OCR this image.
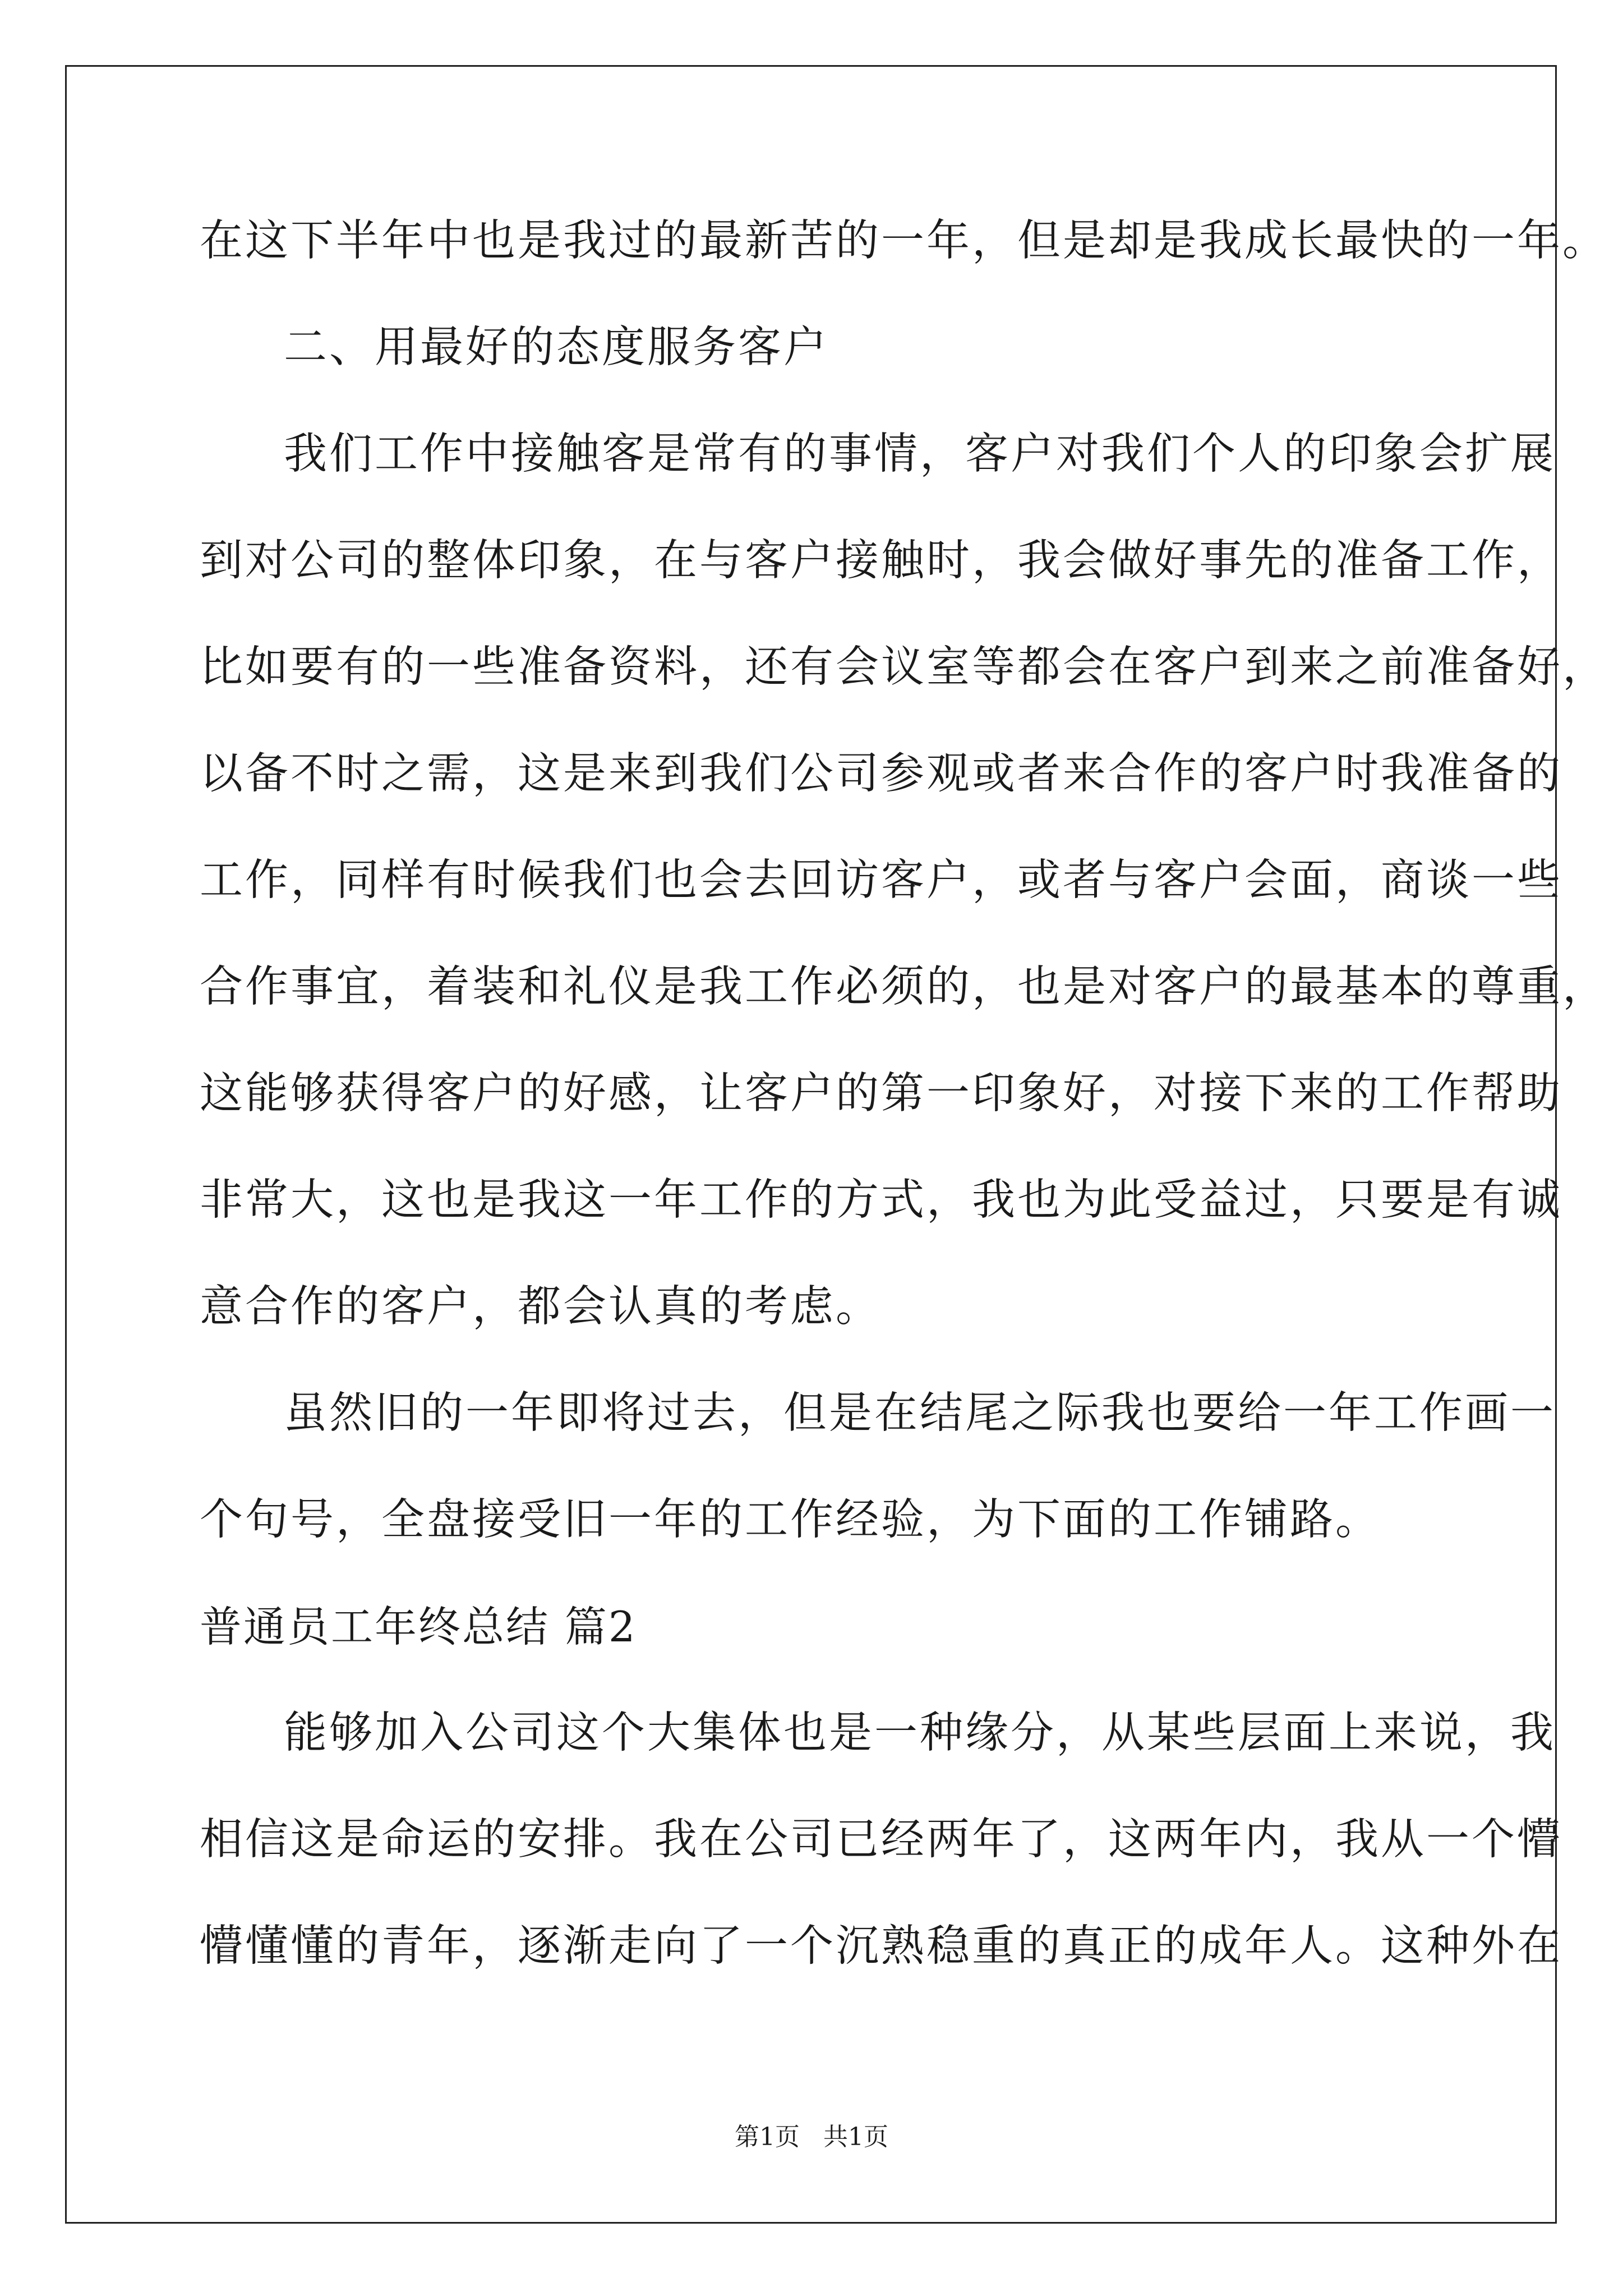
在这下半年中也是我过的最新苦的一年，但是却是我成长最快的一年。
二、用最好的态度服务客户
我们工作中接触客是常有的事情，客户对我们个人的印象会扩展
到对公司的整体印象，在与客户接触时，我会做好事先的准备工作，
比如要有的一些准备资料，还有会议室等都会在客户到来之前准备好，
以备不时之需，这是来到我们公司参观或者来合作的客户时我准备的
工作，同样有时候我们也会去回访客户，或者与客户会面，商谈一些
合作事宜，着装和礼仪是我工作必须的，也是对客户的最基本的尊重，
这能够获得客户的好感，让客户的第一印象好，对接下来的工作帮助
非常大，这也是我这一年工作的方式，我也为此受益过，只要是有诚
意合作的客户，都会认真的考虑。
虽然旧的一年即将过去，但是在结尾之际我也要给一年工作画一
个句号，全盘接受旧一年的工作经验，为下面的工作铺路。
普通员工年终总结 篇2
能够加入公司这个大集体也是一种缘分，从某些层面上来说，我
相信这是命运的安排。我在公司已经两年了，这两年内，我从一个懵
懵懂懂的青年，逐渐走向了一个沉熟稳重的真正的成年人。这种外在
第1页   共1页
